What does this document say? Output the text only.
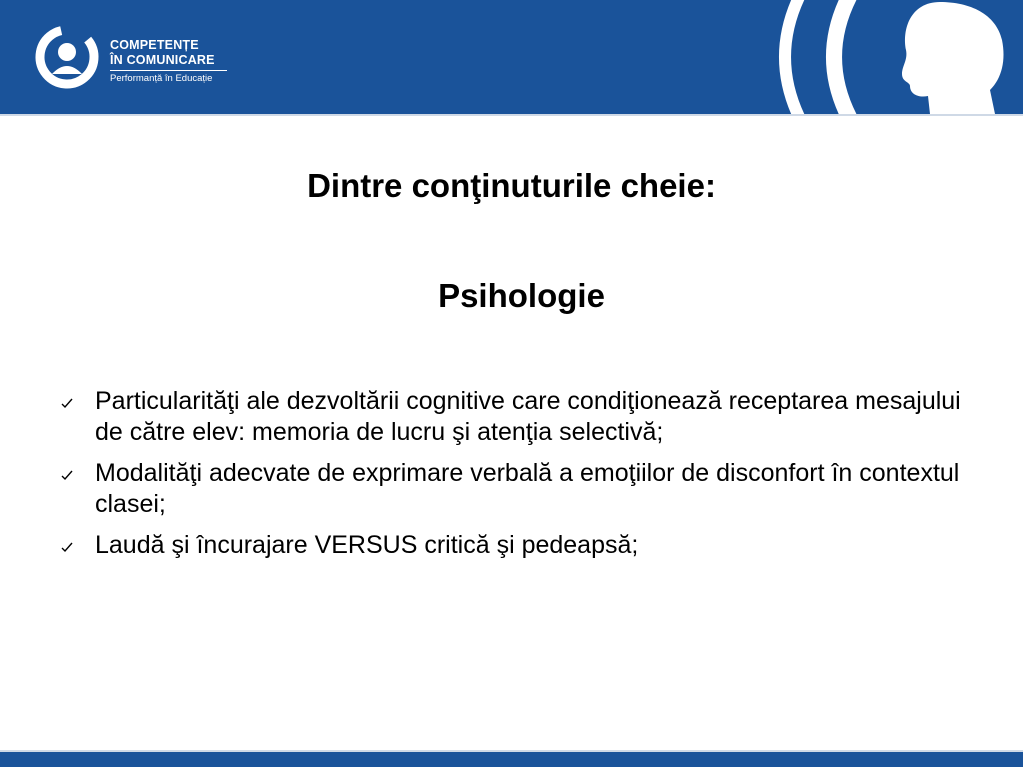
COMPETENȚE
ÎN COMUNICARE
Performanță în Educație
Dintre conţinuturile cheie:
Psihologie
Particularităţi ale dezvoltării cognitive care condiţionează receptarea mesajului de către elev: memoria de lucru şi atenţia selectivă;
Modalităţi adecvate de exprimare verbală a emoţiilor de disconfort în contextul clasei;
Laudă şi încurajare VERSUS critică şi pedeapsă;
